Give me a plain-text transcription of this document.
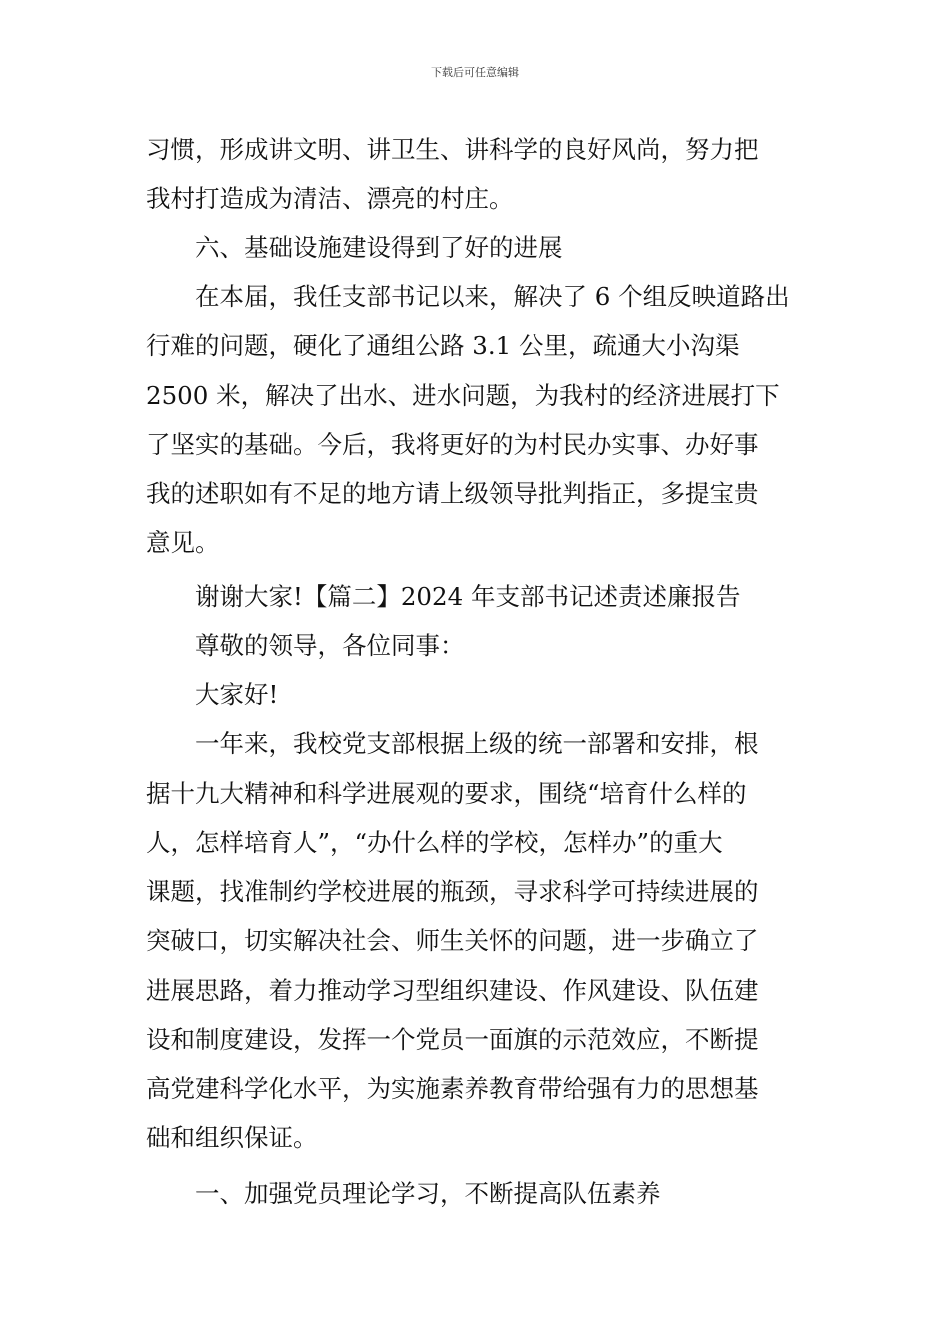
下载后可任意编辑
习惯，形成讲文明、讲卫生、讲科学的良好风尚，努力把
我村打造成为清洁、漂亮的村庄。
六、基础设施建设得到了好的进展
在本届，我任支部书记以来，解决了 6 个组反映道路出
行难的问题，硬化了通组公路 3.1 公里，疏通大小沟渠
2500 米，解决了出水、进水问题，为我村的经济进展打下
了坚实的基础。今后，我将更好的为村民办实事、办好事
我的述职如有不足的地方请上级领导批判指正，多提宝贵
意见。
谢谢大家!【篇二】2024 年支部书记述责述廉报告
尊敬的领导，各位同事：
大家好!
一年来，我校党支部根据上级的统一部署和安排，根
据十九大精神和科学进展观的要求，围绕“培育什么样的
人，怎样培育人”，“办什么样的学校，怎样办”的重大
课题，找准制约学校进展的瓶颈，寻求科学可持续进展的
突破口，切实解决社会、师生关怀的问题，进一步确立了
进展思路，着力推动学习型组织建设、作风建设、队伍建
设和制度建设，发挥一个党员一面旗的示范效应，不断提
高党建科学化水平，为实施素养教育带给强有力的思想基
础和组织保证。
一、加强党员理论学习，不断提高队伍素养
